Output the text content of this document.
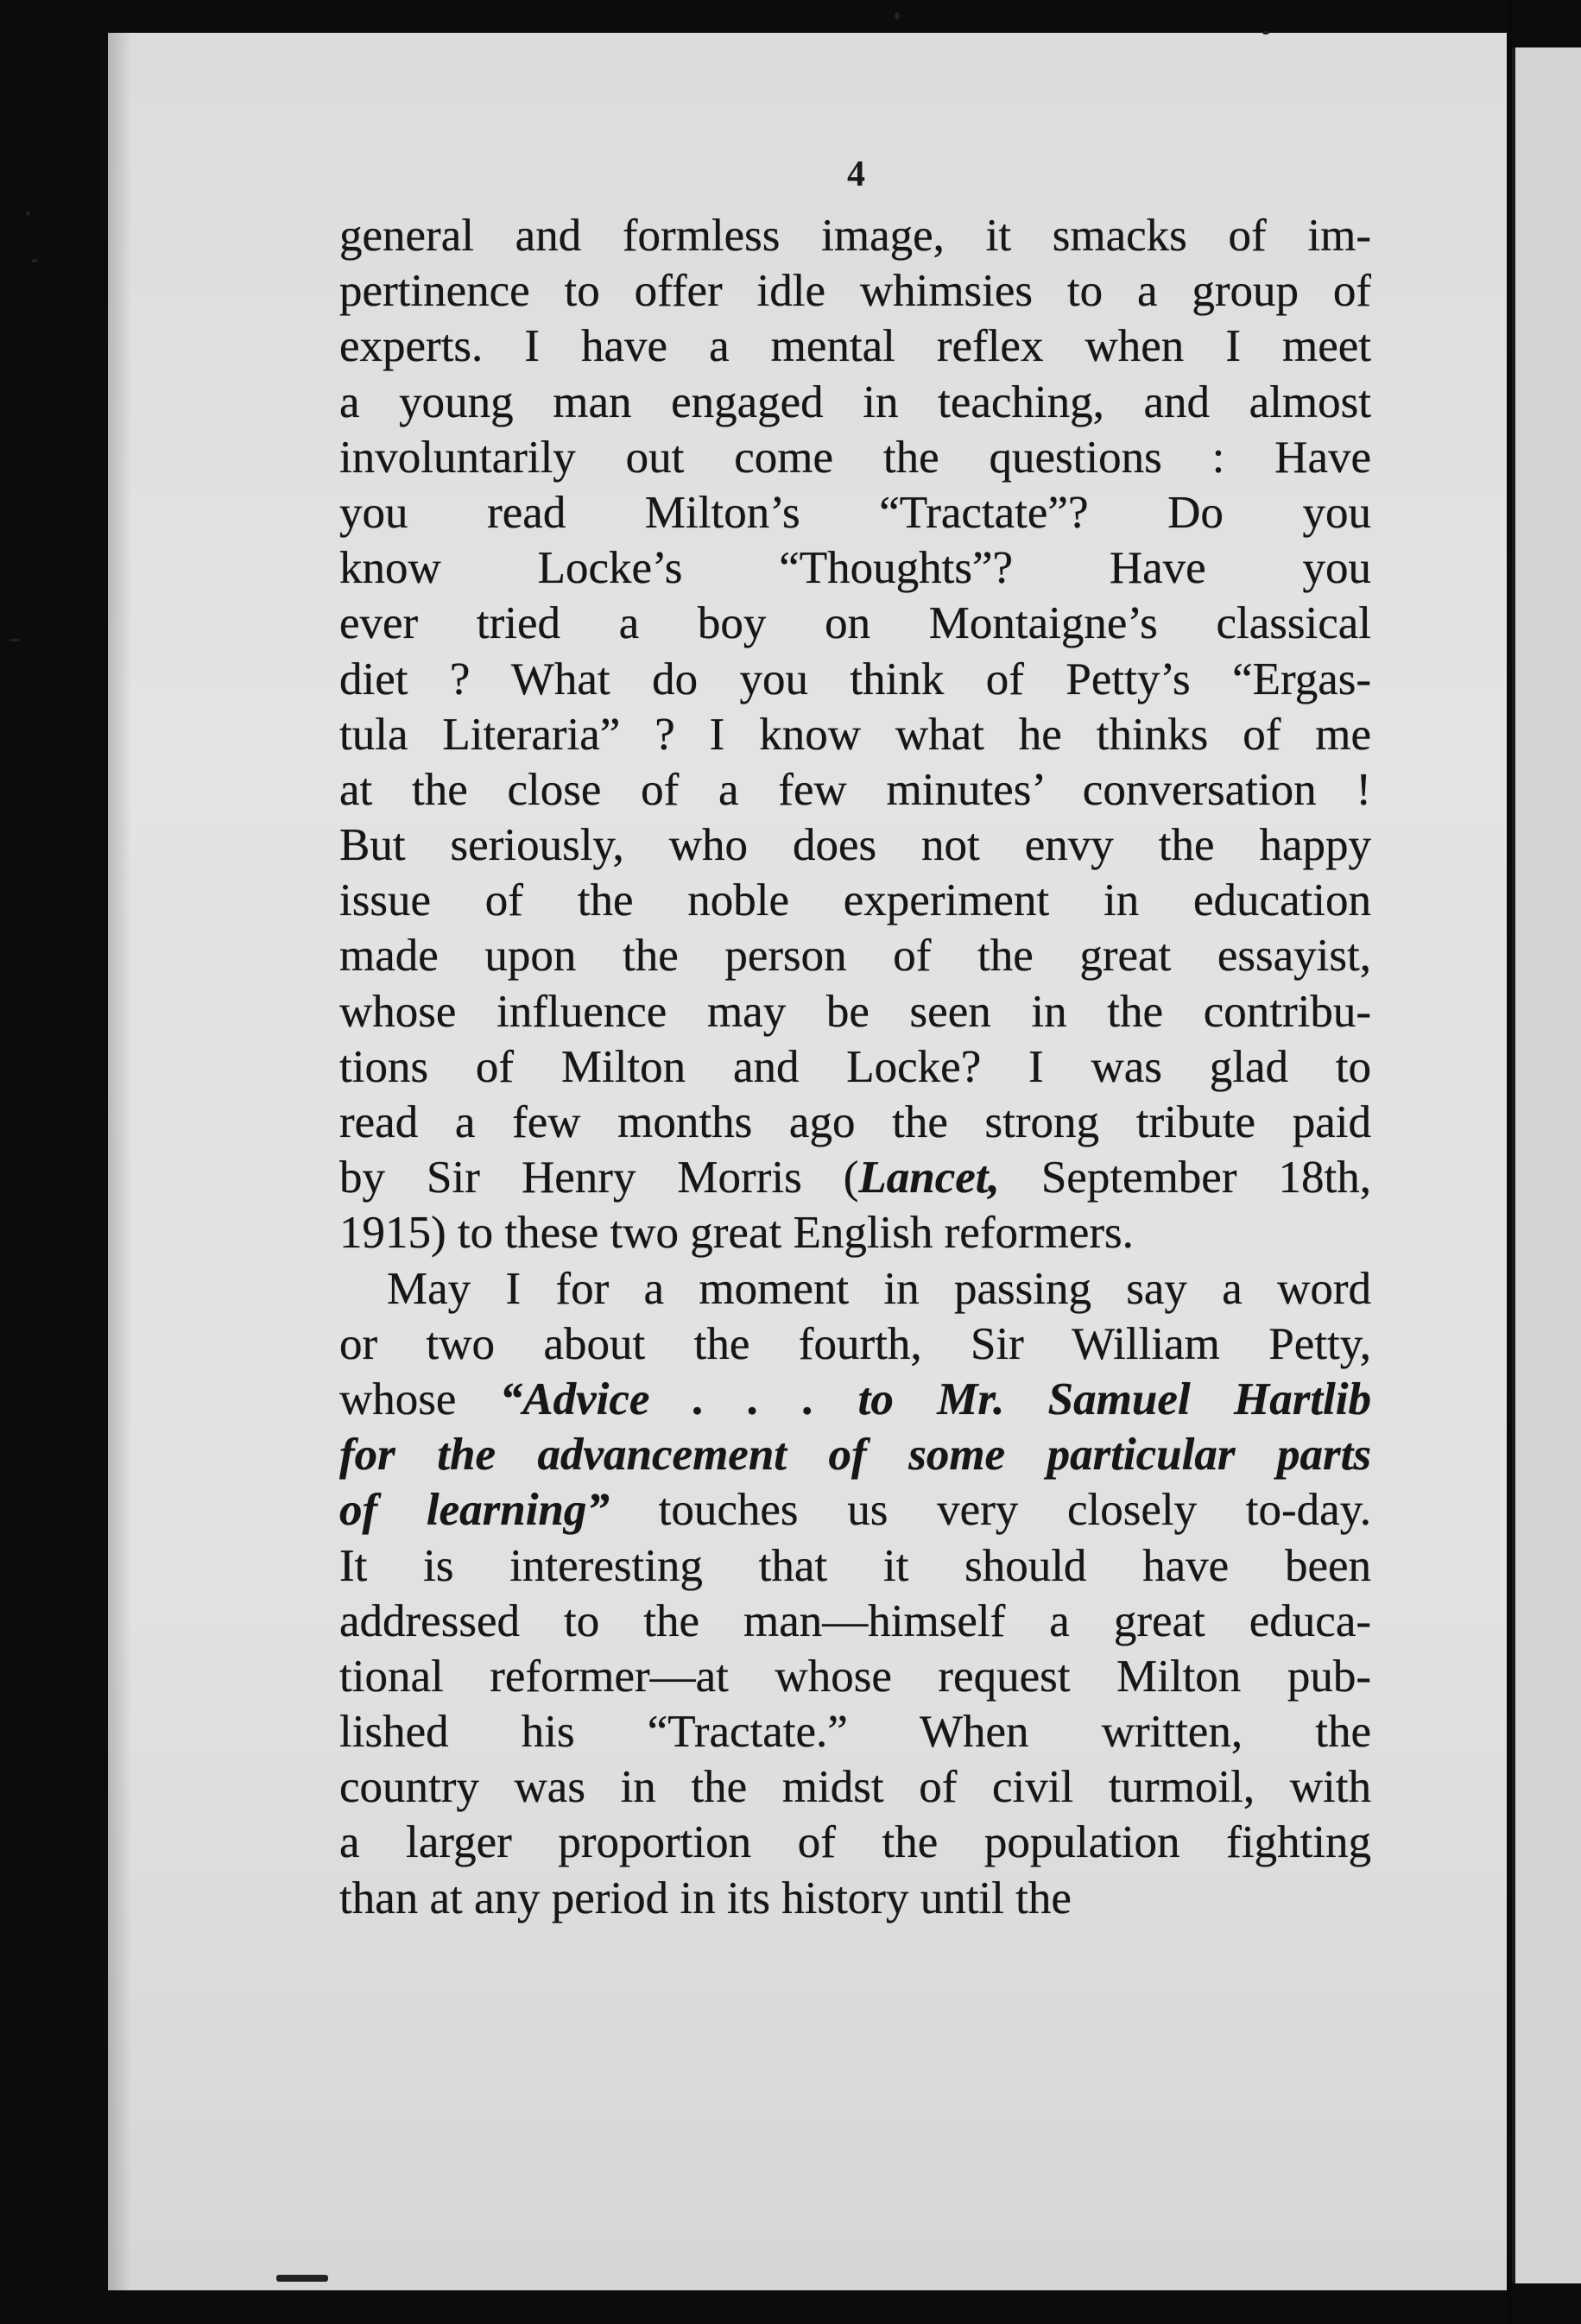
4
general and formless image, it smacks of im-
pertinence to offer idle whimsies to a group of
experts. I have a mental reflex when I meet
a young man engaged in teaching, and almost
involuntarily out come the questions : Have
you read Milton’s “Tractate”? Do you
know Locke’s “Thoughts”? Have you
ever tried a boy on Montaigne’s classical
diet ? What do you think of Petty’s “Ergas-
tula Literaria” ? I know what he thinks of me
at the close of a few minutes’ conversation !
But seriously, who does not envy the happy
issue of the noble experiment in education
made upon the person of the great essayist,
whose influence may be seen in the contribu-
tions of Milton and Locke? I was glad to
read a few months ago the strong tribute paid
by Sir Henry Morris (Lancet, September 18th,
1915) to these two great English reformers.
May I for a moment in passing say a word
or two about the fourth, Sir William Petty,
whose “Advice . . . to Mr. Samuel Hartlib
for the advancement of some particular parts
of learning” touches us very closely to-day.
It is interesting that it should have been
addressed to the man—himself a great educa-
tional reformer—at whose request Milton pub-
lished his “Tractate.” When written, the
country was in the midst of civil turmoil, with
a larger proportion of the population fighting
than at any period in its history until the
